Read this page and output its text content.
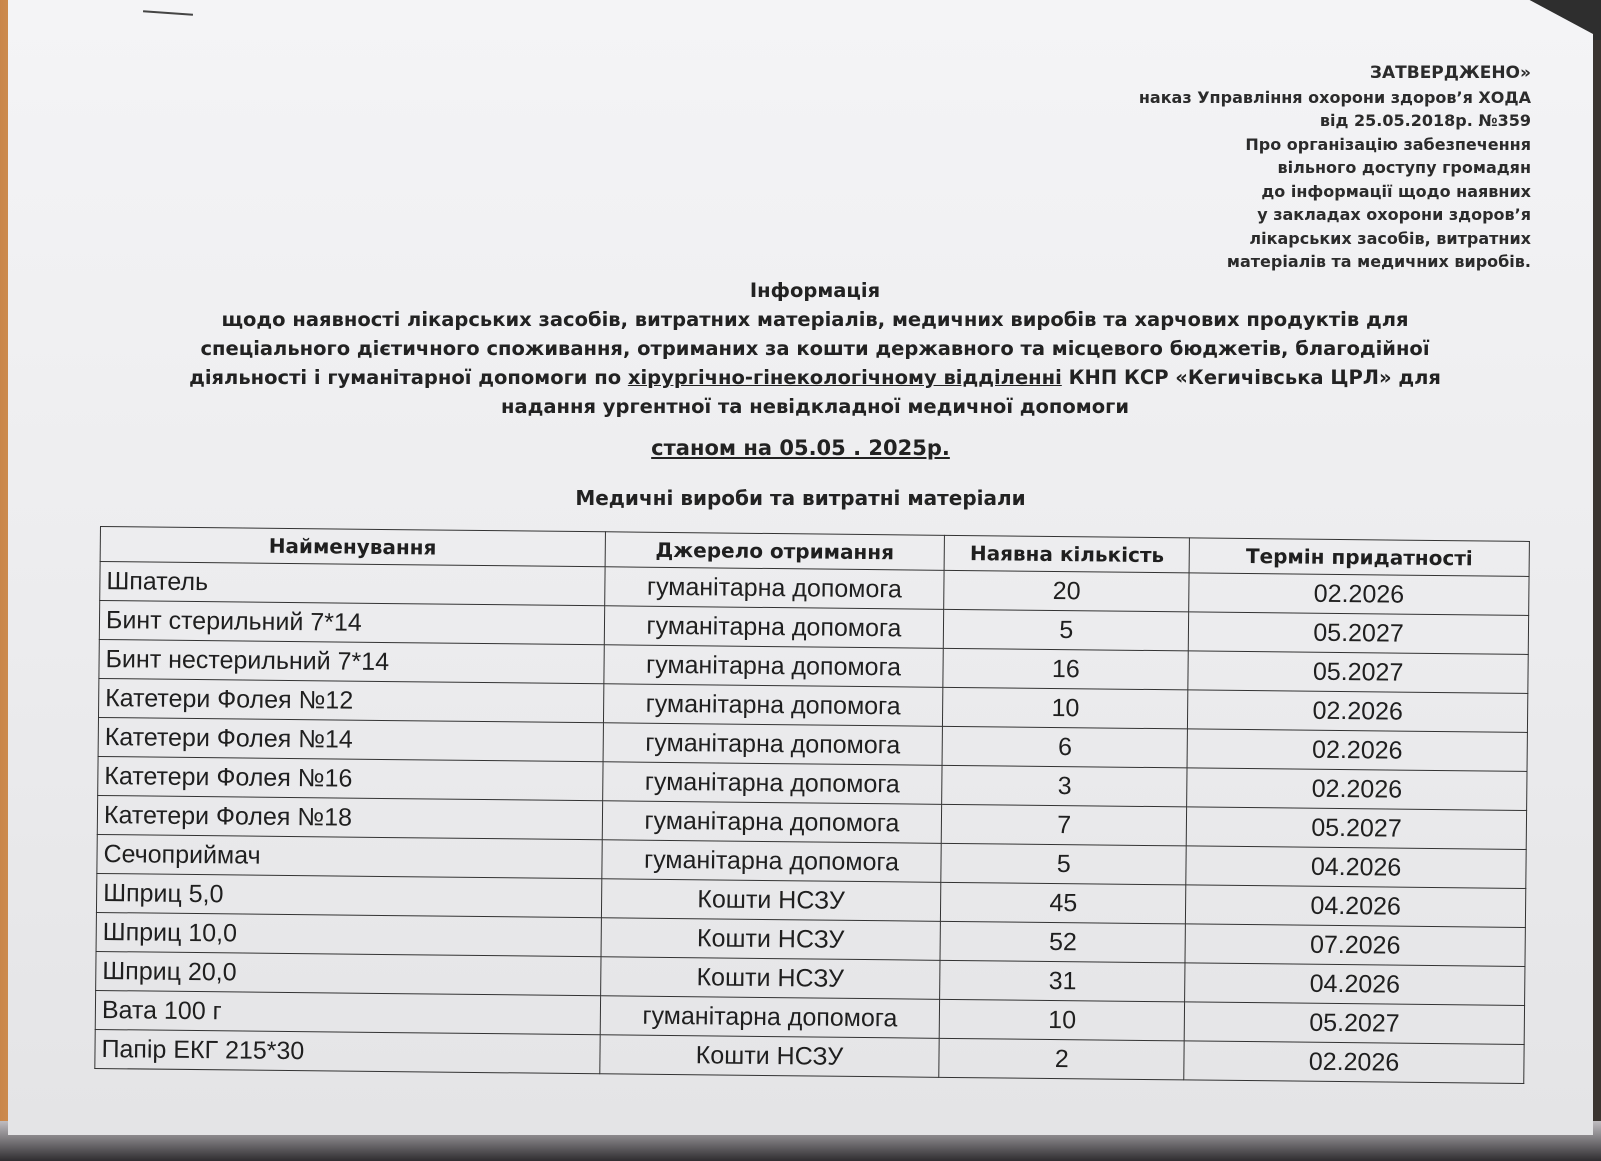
ЗАТВЕРДЖЕНО»
наказ Управління охорони здоров’я ХОДА
від 25.05.2018р. №359
Про організацію забезпечення
вільного доступу громадян
до інформації щодо наявних
у закладах охорони здоров’я
лікарських засобів, витратних
матеріалів та медичних виробів.
Інформація
щодо наявності лікарських засобів, витратних матеріалів, медичних виробів та харчових продуктів для
спеціального дієтичного споживання, отриманих за кошти державного та місцевого бюджетів, благодійної
діяльності і гуманітарної допомоги по хірургічно-гінекологічному відділенні КНП КСР «Кегичівська ЦРЛ» для
надання ургентної та невідкладної медичної допомоги
станом на 05.05 . 2025р.
Медичні вироби та витратні матеріали
Найменування	Джерело отримання	Наявна кількість	Термін придатності
Шпатель	гуманітарна допомога	20	02.2026
Бинт стерильний 7*14	гуманітарна допомога	5	05.2027
Бинт нестерильний 7*14	гуманітарна допомога	16	05.2027
Катетери Фолея №12	гуманітарна допомога	10	02.2026
Катетери Фолея №14	гуманітарна допомога	6	02.2026
Катетери Фолея №16	гуманітарна допомога	3	02.2026
Катетери Фолея №18	гуманітарна допомога	7	05.2027
Сечоприймач	гуманітарна допомога	5	04.2026
Шприц 5,0	Кошти НСЗУ	45	04.2026
Шприц 10,0	Кошти НСЗУ	52	07.2026
Шприц 20,0	Кошти НСЗУ	31	04.2026
Вата 100 г	гуманітарна допомога	10	05.2027
Папір ЕКГ 215*30	Кошти НСЗУ	2	02.2026
